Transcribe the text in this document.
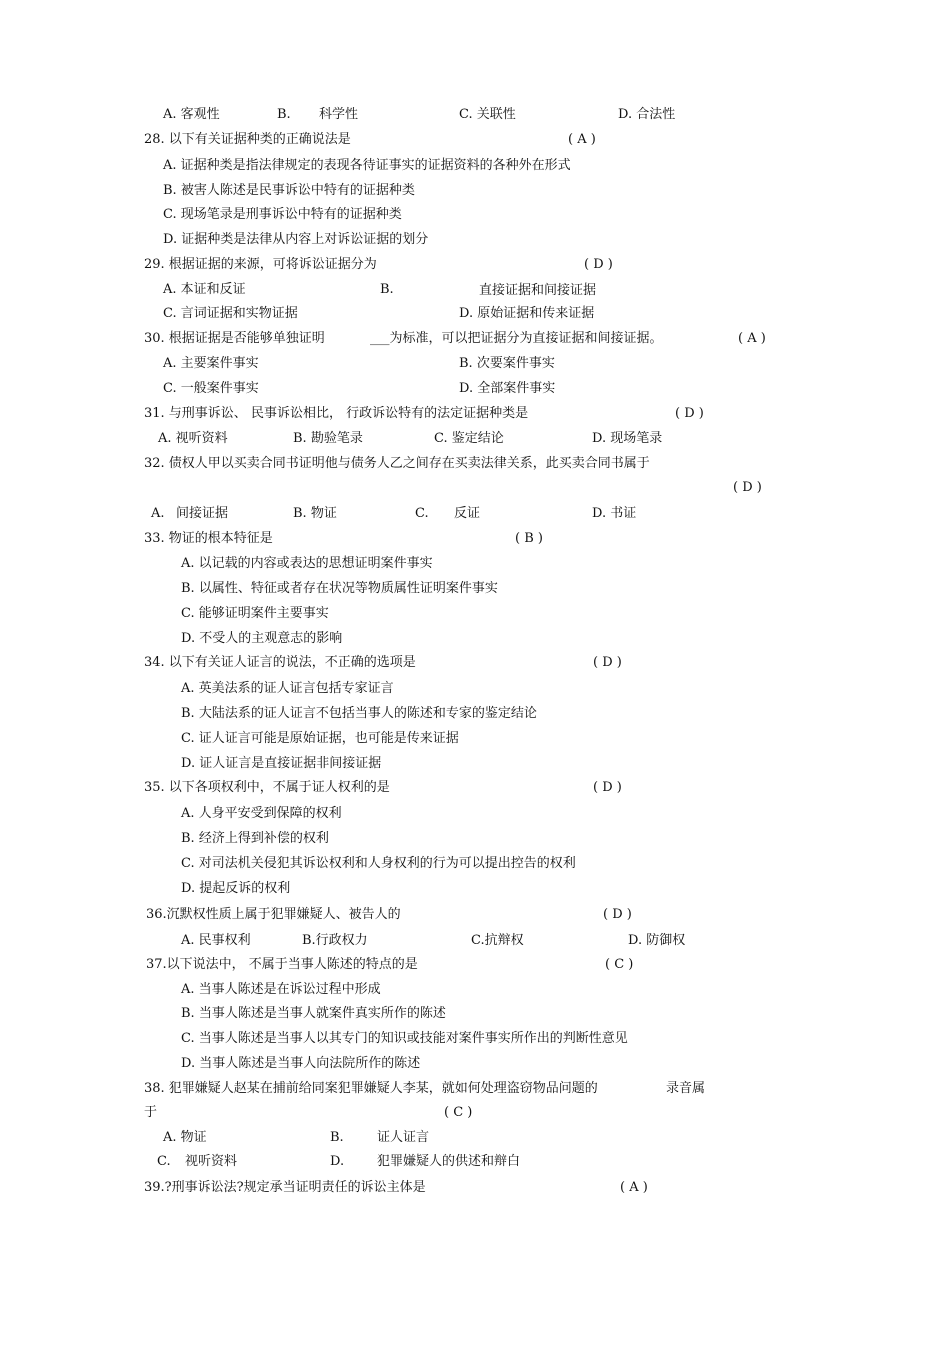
A. 客观性	B. 科学性	C. 关联性	D. 合法性
28. 以下有关证据种类的正确说法是	( A )
A. 证据种类是指法律规定的表现各待证事实的证据资料的各种外在形式
B. 被害人陈述是民事诉讼中特有的证据种类
C. 现场笔录是刑事诉讼中特有的证据种类
D. 证据种类是法律从内容上对诉讼证据的划分
29. 根据证据的来源，可将诉讼证据分为	( D )
A. 本证和反证	B.	直接证据和间接证据
C. 言词证据和实物证据	D. 原始证据和传来证据
30. 根据证据是否能够单独证明	___为标准，可以把证据分为直接证据和间接证据。	( A )
A. 主要案件事实	B. 次要案件事实
C. 一般案件事实	D. 全部案件事实
31. 与刑事诉讼、 民事诉讼相比， 行政诉讼特有的法定证据种类是	( D )
A. 视听资料	B. 勘验笔录	C. 鉴定结论	D. 现场笔录
32. 债权人甲以买卖合同书证明他与债务人乙之间存在买卖法律关系，此买卖合同书属于
( D )
A. 间接证据	B. 物证	C. 反证	D. 书证
33. 物证的根本特征是	( B )
A. 以记载的内容或表达的思想证明案件事实
B. 以属性、特征或者存在状况等物质属性证明案件事实
C. 能够证明案件主要事实
D. 不受人的主观意志的影响
34. 以下有关证人证言的说法，不正确的选项是	( D )
A. 英美法系的证人证言包括专家证言
B. 大陆法系的证人证言不包括当事人的陈述和专家的鉴定结论
C. 证人证言可能是原始证据，也可能是传来证据
D. 证人证言是直接证据非间接证据
35. 以下各项权利中，不属于证人权利的是	( D )
A. 人身平安受到保障的权利
B. 经济上得到补偿的权利
C. 对司法机关侵犯其诉讼权利和人身权利的行为可以提出控告的权利
D. 提起反诉的权利
36.沉默权性质上属于犯罪嫌疑人、被告人的	( D )
A. 民事权利	B.行政权力	C.抗辩权	D. 防御权
37.以下说法中， 不属于当事人陈述的特点的是	( C )
A. 当事人陈述是在诉讼过程中形成
B. 当事人陈述是当事人就案件真实所作的陈述
C. 当事人陈述是当事人以其专门的知识或技能对案件事实所作出的判断性意见
D. 当事人陈述是当事人向法院所作的陈述
38. 犯罪嫌疑人赵某在捕前给同案犯罪嫌疑人李某，就如何处理盗窃物品问题的	录音属
于	( C )
A. 物证	B.	证人证言
C. 视听资料	D.	犯罪嫌疑人的供述和辩白
39.?刑事诉讼法?规定承当证明责任的诉讼主体是	( A )
